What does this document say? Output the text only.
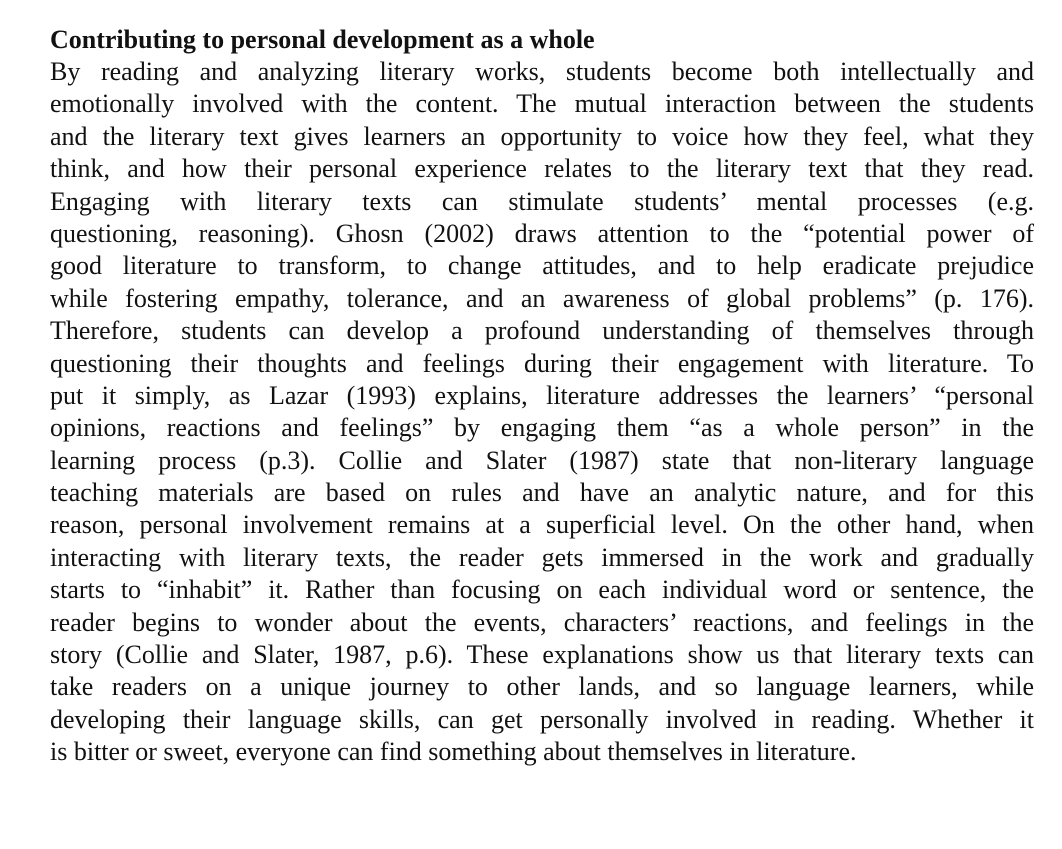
Contributing to personal development as a whole
By reading and analyzing literary works, students become both intellectually and
emotionally involved with the content. The mutual interaction between the students
and the literary text gives learners an opportunity to voice how they feel, what they
think, and how their personal experience relates to the literary text that they read.
Engaging with literary texts can stimulate students’ mental processes (e.g.
questioning, reasoning). Ghosn (2002) draws attention to the “potential power of
good literature to transform, to change attitudes, and to help eradicate prejudice
while fostering empathy, tolerance, and an awareness of global problems” (p. 176).
Therefore, students can develop a profound understanding of themselves through
questioning their thoughts and feelings during their engagement with literature. To
put it simply, as Lazar (1993) explains, literature addresses the learners’ “personal
opinions, reactions and feelings” by engaging them “as a whole person” in the
learning process (p.3). Collie and Slater (1987) state that non-literary language
teaching materials are based on rules and have an analytic nature, and for this
reason, personal involvement remains at a superficial level. On the other hand, when
interacting with literary texts, the reader gets immersed in the work and gradually
starts to “inhabit” it. Rather than focusing on each individual word or sentence, the
reader begins to wonder about the events, characters’ reactions, and feelings in the
story (Collie and Slater, 1987, p.6). These explanations show us that literary texts can
take readers on a unique journey to other lands, and so language learners, while
developing their language skills, can get personally involved in reading. Whether it
is bitter or sweet, everyone can find something about themselves in literature.
